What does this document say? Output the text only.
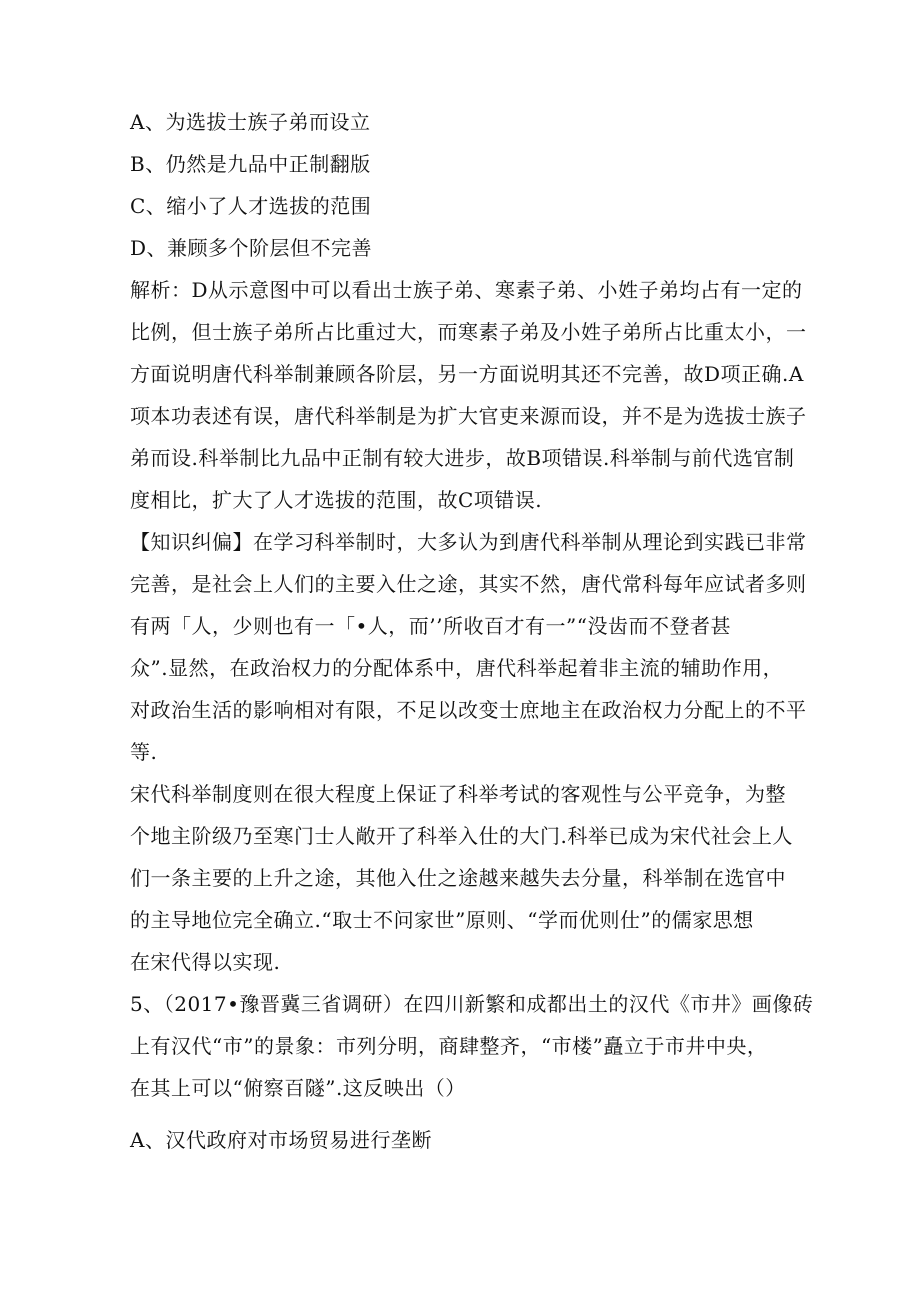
A、为选拔士族子弟而设立
B、仍然是九品中正制翻版
C、缩小了人才选拔的范围
D、兼顾多个阶层但不完善
解析：D从示意图中可以看出士族子弟、寒素子弟、小姓子弟均占有一定的
比例，但士族子弟所占比重过大，而寒素子弟及小姓子弟所占比重太小，一
方面说明唐代科举制兼顾各阶层，另一方面说明其还不完善，故D项正确.A
项本功表述有误，唐代科举制是为扩大官吏来源而设，并不是为选拔士族子
弟而设.科举制比九品中正制有较大进步，故B项错误.科举制与前代选官制
度相比，扩大了人才选拔的范围，故C项错误.
【知识纠偏】在学习科举制时，大多认为到唐代科举制从理论到实践已非常
完善，是社会上人们的主要入仕之途，其实不然，唐代常科每年应试者多则
有两「人，少则也有一「•人，而’’所收百才有一”“没齿而不登者甚
众”.显然，在政治权力的分配体系中，唐代科举起着非主流的辅助作用，
对政治生活的影响相对有限，不足以改变士庶地主在政治权力分配上的不平
等.
宋代科举制度则在很大程度上保证了科举考试的客观性与公平竞争，为整
个地主阶级乃至寒门士人敞开了科举入仕的大门.科举已成为宋代社会上人
们一条主要的上升之途，其他入仕之途越来越失去分量，科举制在选官中
的主导地位完全确立.“取士不问家世”原则、“学而优则仕”的儒家思想
在宋代得以实现.
5、（2017•豫晋冀三省调研）在四川新繁和成都出土的汉代《市井》画像砖
上有汉代“市”的景象：市列分明，商肆整齐，“市楼”矗立于市井中央，
在其上可以“俯察百隧”.这反映出（）
A、汉代政府对市场贸易进行垄断
